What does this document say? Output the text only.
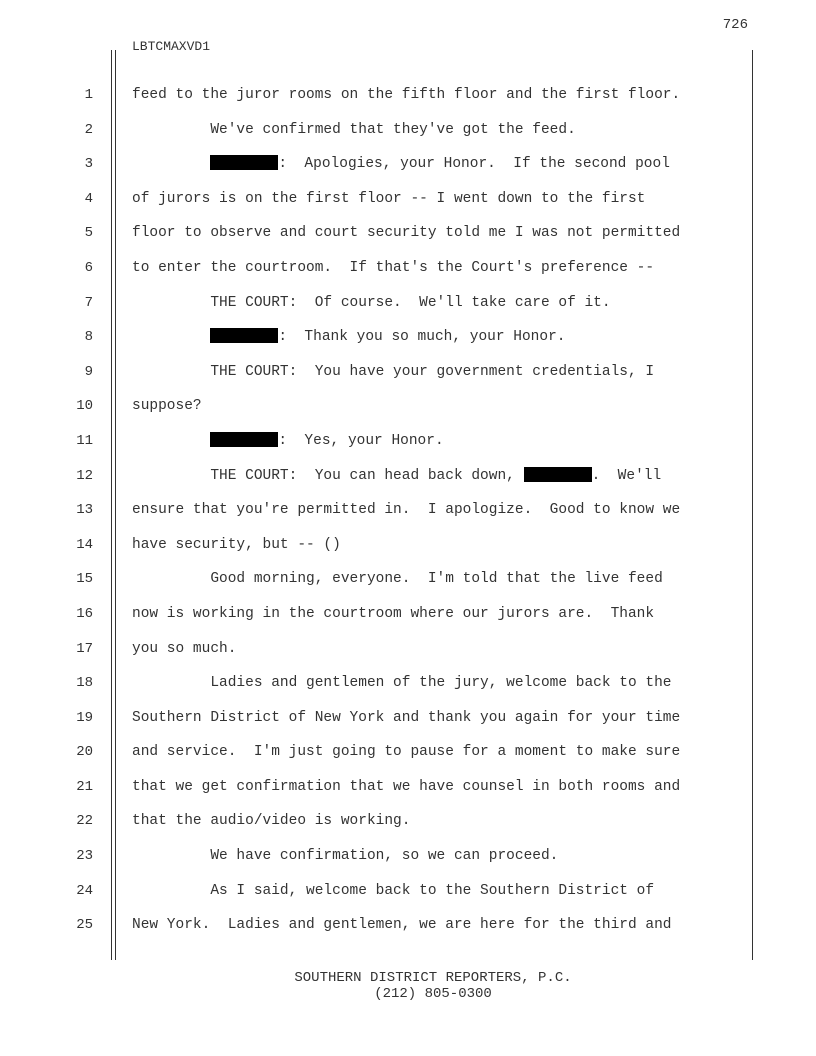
726
LBTCMAXVD1
1	feed to the juror rooms on the fifth floor and the first floor.
2	We've confirmed that they've got the feed.
3	:  Apologies, your Honor.  If the second pool
4	of jurors is on the first floor -- I went down to the first
5	floor to observe and court security told me I was not permitted
6	to enter the courtroom.  If that's the Court's preference --
7	THE COURT:  Of course.  We'll take care of it.
8	:  Thank you so much, your Honor.
9	THE COURT:  You have your government credentials, I
10	suppose?
11	:  Yes, your Honor.
12	THE COURT:  You can head back down,	.  We'll
13	ensure that you're permitted in.  I apologize.  Good to know we
14	have security, but -- ()
15	Good morning, everyone.  I'm told that the live feed
16	now is working in the courtroom where our jurors are.  Thank
17	you so much.
18	Ladies and gentlemen of the jury, welcome back to the
19	Southern District of New York and thank you again for your time
20	and service.  I'm just going to pause for a moment to make sure
21	that we get confirmation that we have counsel in both rooms and
22	that the audio/video is working.
23	We have confirmation, so we can proceed.
24	As I said, welcome back to the Southern District of
25	New York.  Ladies and gentlemen, we are here for the third and
SOUTHERN DISTRICT REPORTERS, P.C.
(212) 805-0300
